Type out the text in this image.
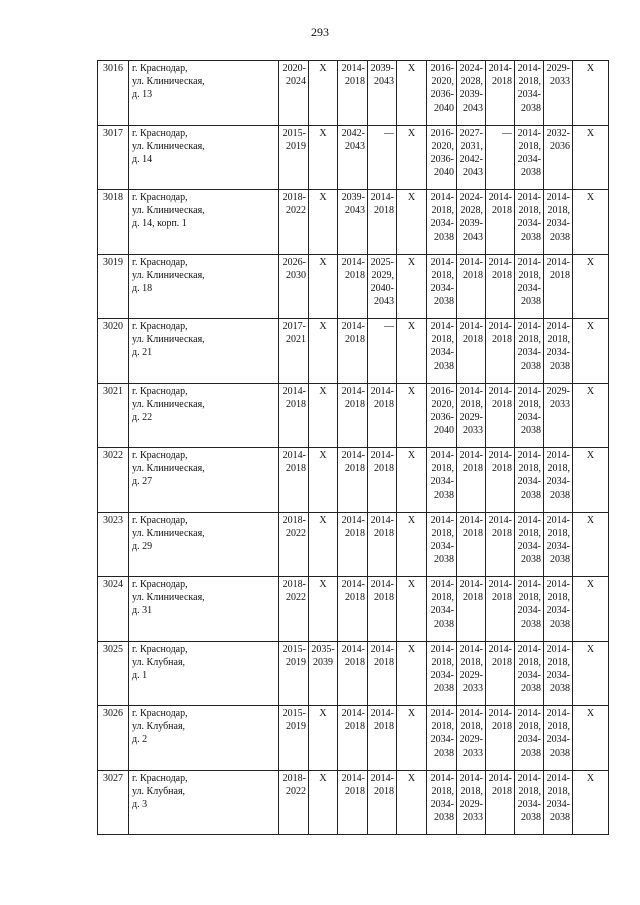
293
3016	г. Краснодар,
ул. Клиническая,
д. 13	2020-
2024	X	2014-
2018	2039-
2043	X	2016-
2020,
2036-
2040	2024-
2028,
2039-
2043	2014-
2018	2014-
2018,
2034-
2038	2029-
2033	X

3017	г. Краснодар,
ул. Клиническая,
д. 14	2015-
2019	X	2042-
2043	—	X	2016-
2020,
2036-
2040	2027-
2031,
2042-
2043	—	2014-
2018,
2034-
2038	2032-
2036	X

3018	г. Краснодар,
ул. Клиническая,
д. 14, корп. 1	2018-
2022	X	2039-
2043	2014-
2018	X	2014-
2018,
2034-
2038	2024-
2028,
2039-
2043	2014-
2018	2014-
2018,
2034-
2038	2014-
2018,
2034-
2038	X

3019	г. Краснодар,
ул. Клиническая,
д. 18	2026-
2030	X	2014-
2018	2025-
2029,
2040-
2043	X	2014-
2018,
2034-
2038	2014-
2018	2014-
2018	2014-
2018,
2034-
2038	2014-
2018	X

3020	г. Краснодар,
ул. Клиническая,
д. 21	2017-
2021	X	2014-
2018	—	X	2014-
2018,
2034-
2038	2014-
2018	2014-
2018	2014-
2018,
2034-
2038	2014-
2018,
2034-
2038	X

3021	г. Краснодар,
ул. Клиническая,
д. 22	2014-
2018	X	2014-
2018	2014-
2018	X	2016-
2020,
2036-
2040	2014-
2018,
2029-
2033	2014-
2018	2014-
2018,
2034-
2038	2029-
2033	X

3022	г. Краснодар,
ул. Клиническая,
д. 27	2014-
2018	X	2014-
2018	2014-
2018	X	2014-
2018,
2034-
2038	2014-
2018	2014-
2018	2014-
2018,
2034-
2038	2014-
2018,
2034-
2038	X

3023	г. Краснодар,
ул. Клиническая,
д. 29	2018-
2022	X	2014-
2018	2014-
2018	X	2014-
2018,
2034-
2038	2014-
2018	2014-
2018	2014-
2018,
2034-
2038	2014-
2018,
2034-
2038	X

3024	г. Краснодар,
ул. Клиническая,
д. 31	2018-
2022	X	2014-
2018	2014-
2018	X	2014-
2018,
2034-
2038	2014-
2018	2014-
2018	2014-
2018,
2034-
2038	2014-
2018,
2034-
2038	X

3025	г. Краснодар,
ул. Клубная,
д. 1	2015-
2019	2035-
2039	2014-
2018	2014-
2018	X	2014-
2018,
2034-
2038	2014-
2018,
2029-
2033	2014-
2018	2014-
2018,
2034-
2038	2014-
2018,
2034-
2038	X

3026	г. Краснодар,
ул. Клубная,
д. 2	2015-
2019	X	2014-
2018	2014-
2018	X	2014-
2018,
2034-
2038	2014-
2018,
2029-
2033	2014-
2018	2014-
2018,
2034-
2038	2014-
2018,
2034-
2038	X

3027	г. Краснодар,
ул. Клубная,
д. 3	2018-
2022	X	2014-
2018	2014-
2018	X	2014-
2018,
2034-
2038	2014-
2018,
2029-
2033	2014-
2018	2014-
2018,
2034-
2038	2014-
2018,
2034-
2038	X
